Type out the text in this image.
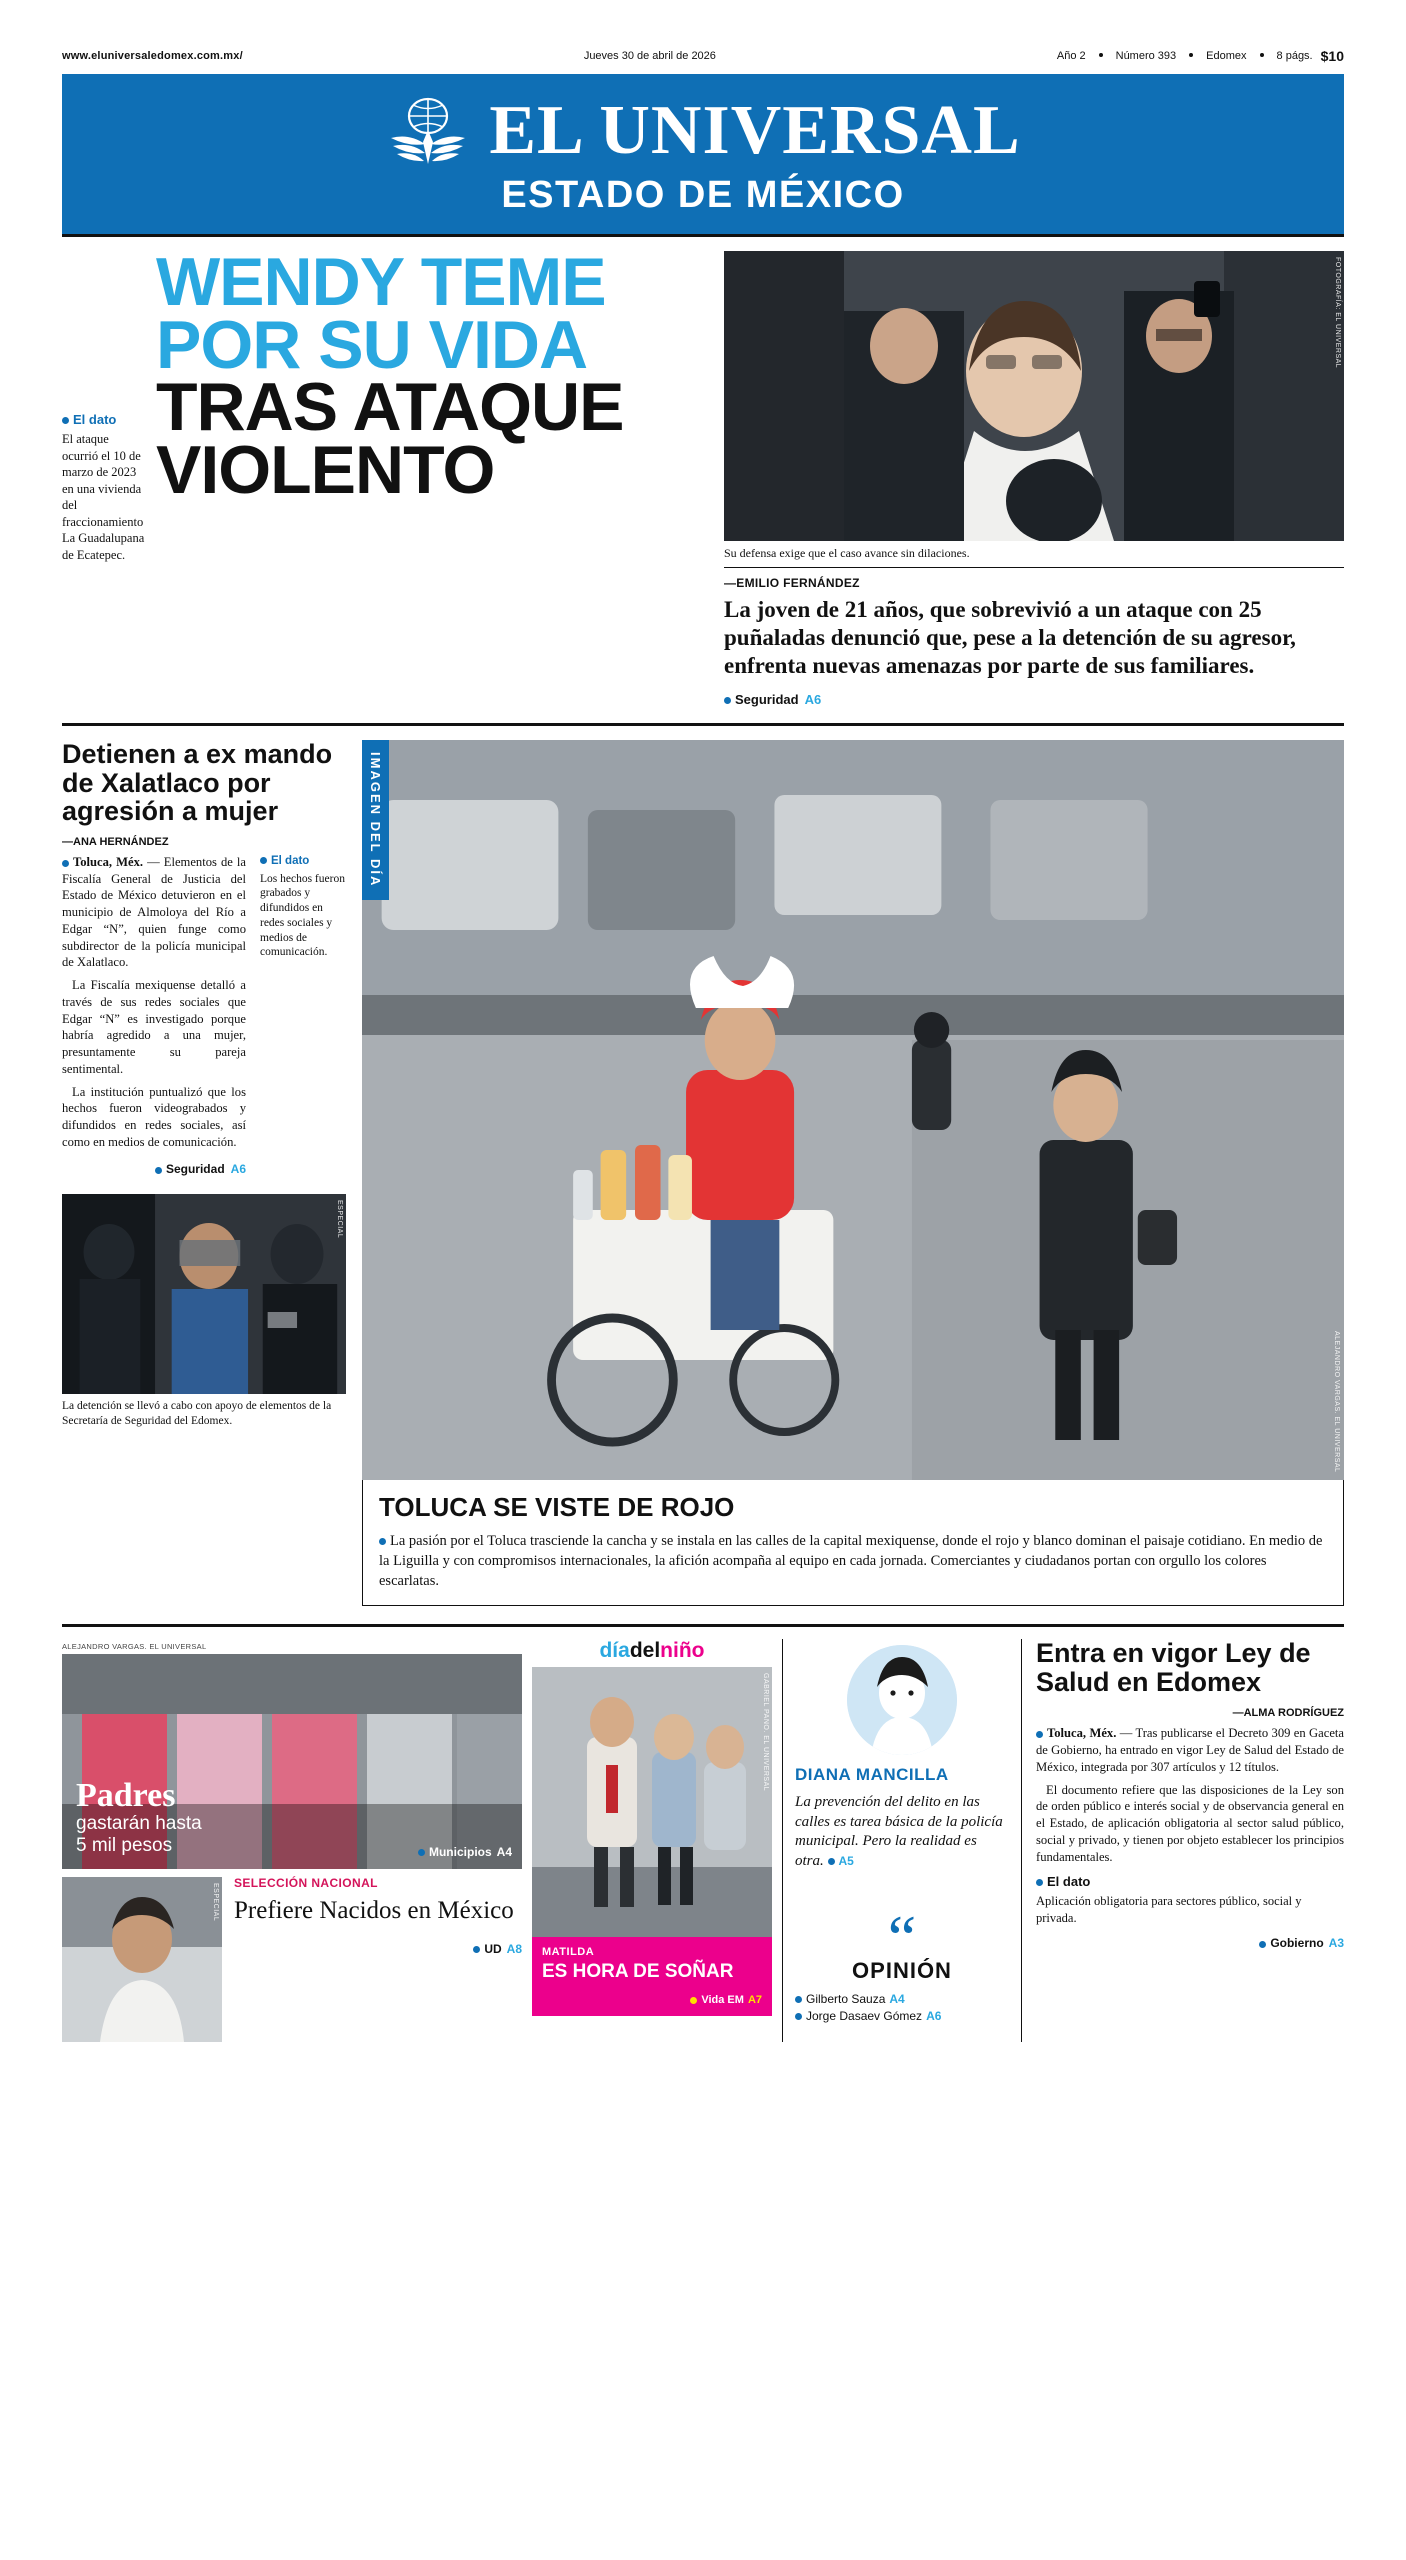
www.eluniversaledomex.com.mx/	Jueves 30 de abril de 2026	Año 2	Número 393	Edomex	8 págs. $10
EL UNIVERSAL
ESTADO DE MÉXICO
El dato
El ataque ocurrió el 10 de marzo de 2023 en una vivienda del fraccionamiento La Guadalupana de Ecatepec.
WENDY TEME
POR SU VIDA
TRAS ATAQUE
VIOLENTO
FOTOGRAFÍA: EL UNIVERSAL
Su defensa exige que el caso avance sin dilaciones.
—EMILIO FERNÁNDEZ
La joven de 21 años, que sobrevivió a un ataque con 25 puñaladas denunció que, pese a la detención de su agresor, enfrenta nuevas amenazas por parte de sus familiares.
Seguridad A6
Detienen a ex mando de Xalatlaco por agresión a mujer
—ANA HERNÁNDEZ

Toluca, Méx. — Elementos de la Fiscalía General de Justicia del Estado de México detuvieron en el municipio de Almoloya del Río a Edgar “N”, quien funge como subdirector de la policía municipal de Xalatlaco.

La Fiscalía mexiquense detalló a través de sus redes sociales que Edgar “N” es investigado porque habría agredido a una mujer, presuntamente su pareja sentimental.

La institución puntualizó que los hechos fueron videograbados y difundidos en redes sociales, así como en medios de comunicación.

Seguridad A6
El dato
Los hechos fueron grabados y difundidos en redes sociales y medios de comunicación.
ESPECIAL
La detención se llevó a cabo con apoyo de elementos de la Secretaría de Seguridad del Edomex.
IMAGEN DEL DÍA
ALEJANDRO VARGAS. EL UNIVERSAL
TOLUCA SE VISTE DE ROJO
La pasión por el Toluca trasciende la cancha y se instala en las calles de la capital mexiquense, donde el rojo y blanco dominan el paisaje cotidiano. En medio de la Liguilla y con compromisos internacionales, la afición acompaña al equipo en cada jornada. Comerciantes y ciudadanos portan con orgullo los colores escarlatas.
ALEJANDRO VARGAS. EL UNIVERSAL
Padres
gastarán hasta
5 mil pesos	Municipios A4
ESPECIAL SELECCIÓN NACIONAL
Prefiere Nacidos en México
UD A8
díadelniño
GABRIEL PANO. EL UNIVERSAL
MATILDA
ES HORA DE SOÑAR
Vida EM A7
DIANA MANCILLA
La prevención del delito en las calles es tarea básica de la policía municipal. Pero la realidad es otra. A5
“
OPINIÓN
Gilberto Sauza A4
Jorge Dasaev Gómez A6
Entra en vigor Ley de Salud en Edomex
—ALMA RODRÍGUEZ

Toluca, Méx. — Tras publicarse el Decreto 309 en Gaceta de Gobierno, ha entrado en vigor Ley de Salud del Estado de México, integrada por 307 artículos y 12 títulos.

El documento refiere que las disposiciones de la Ley son de orden público e interés social y de observancia general en el Estado, de aplicación obligatoria al sector salud público, social y privado, y tienen por objeto establecer los principios fundamentales.

El dato
Aplicación obligatoria para sectores público, social y privada.
Gobierno A3
